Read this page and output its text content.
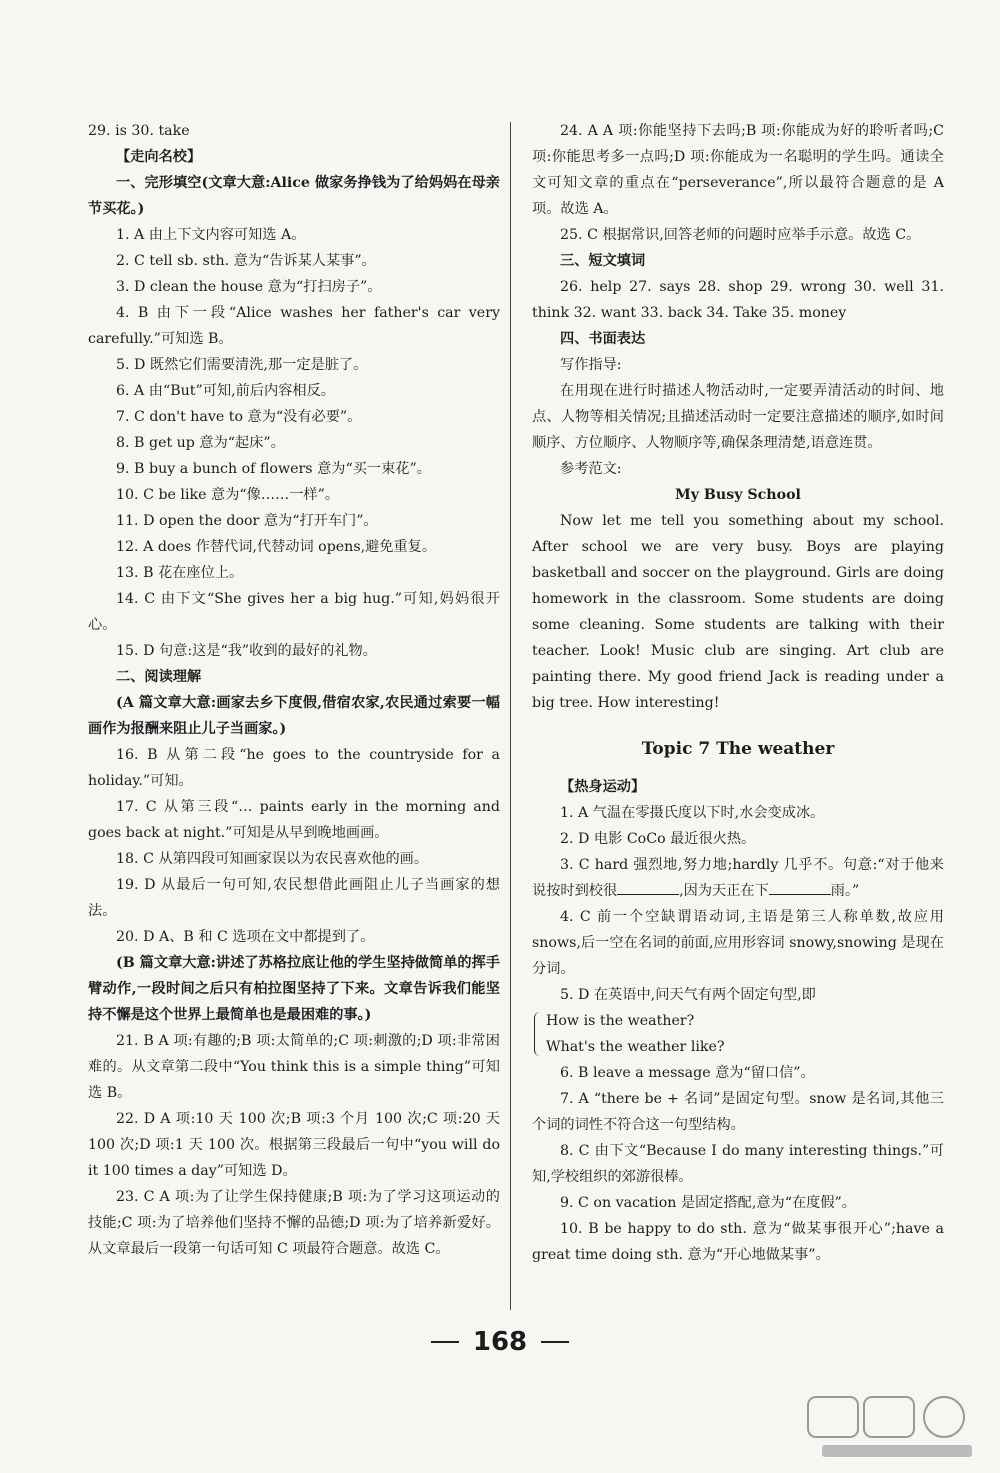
29. is 30. take

【走向名校】

一、完形填空(文章大意:Alice 做家务挣钱为了给妈妈在母亲节买花。)

1. A 由上下文内容可知选 A。

2. C tell sb. sth. 意为“告诉某人某事”。

3. D clean the house 意为“打扫房子”。

4. B 由下一段“Alice washes her father's car very carefully.”可知选 B。

5. D 既然它们需要清洗,那一定是脏了。

6. A 由“But”可知,前后内容相反。

7. C don't have to 意为“没有必要”。

8. B get up 意为“起床”。

9. B buy a bunch of flowers 意为“买一束花”。

10. C be like 意为“像……一样”。

11. D open the door 意为“打开车门”。

12. A does 作替代词,代替动词 opens,避免重复。

13. B 花在座位上。

14. C 由下文“She gives her a big hug.”可知,妈妈很开心。

15. D 句意:这是“我”收到的最好的礼物。

二、阅读理解

(A 篇文章大意:画家去乡下度假,借宿农家,农民通过索要一幅画作为报酬来阻止儿子当画家。)

16. B 从第二段“he goes to the countryside for a holiday.”可知。

17. C 从第三段“… paints early in the morning and goes back at night.”可知是从早到晚地画画。

18. C 从第四段可知画家误以为农民喜欢他的画。

19. D 从最后一句可知,农民想借此画阻止儿子当画家的想法。

20. D A、B 和 C 选项在文中都提到了。

(B 篇文章大意:讲述了苏格拉底让他的学生坚持做简单的挥手臂动作,一段时间之后只有柏拉图坚持了下来。文章告诉我们能坚持不懈是这个世界上最简单也是最困难的事。)

21. B A 项:有趣的;B 项:太简单的;C 项:刺激的;D 项:非常困难的。从文章第二段中“You think this is a simple thing”可知选 B。

22. D A 项:10 天 100 次;B 项:3 个月 100 次;C 项:20 天 100 次;D 项:1 天 100 次。根据第三段最后一句中“you will do it 100 times a day”可知选 D。

23. C A 项:为了让学生保持健康;B 项:为了学习这项运动的技能;C 项:为了培养他们坚持不懈的品德;D 项:为了培养新爱好。从文章最后一段第一句话可知 C 项最符合题意。故选 C。

24. A A 项:你能坚持下去吗;B 项:你能成为好的聆听者吗;C 项:你能思考多一点吗;D 项:你能成为一名聪明的学生吗。通读全文可知文章的重点在“perseverance”,所以最符合题意的是 A 项。故选 A。

25. C 根据常识,回答老师的问题时应举手示意。故选 C。

三、短文填词

26. help 27. says 28. shop 29. wrong 30. well 31. think 32. want 33. back 34. Take 35. money

四、书面表达

写作指导:

在用现在进行时描述人物活动时,一定要弄清活动的时间、地点、人物等相关情况;且描述活动时一定要注意描述的顺序,如时间顺序、方位顺序、人物顺序等,确保条理清楚,语意连贯。

参考范文:

My Busy School

Now let me tell you something about my school. After school we are very busy. Boys are playing basketball and soccer on the playground. Girls are doing homework in the classroom. Some students are doing some cleaning. Some students are talking with their teacher. Look! Music club are singing. Art club are painting there. My good friend Jack is reading under a big tree. How interesting!

Topic 7 The weather

【热身运动】

1. A 气温在零摄氏度以下时,水会变成冰。

2. D 电影 CoCo 最近很火热。

3. C hard 强烈地,努力地;hardly 几乎不。句意:“对于他来说按时到校很	,因为天正在下	雨。”

4. C 前一个空缺谓语动词,主语是第三人称单数,故应用 snows,后一空在名词的前面,应用形容词 snowy,snowing 是现在分词。

5. D 在英语中,问天气有两个固定句型,即

How is the weather?

What's the weather like?

6. B leave a message 意为“留口信”。

7. A “there be + 名词”是固定句型。snow 是名词,其他三个词的词性不符合这一句型结构。

8. C 由下文“Because I do many interesting things.”可知,学校组织的郊游很棒。

9. C on vacation 是固定搭配,意为“在度假”。

10. B be happy to do sth. 意为“做某事很开心”;have a great time doing sth. 意为“开心地做某事”。

168
